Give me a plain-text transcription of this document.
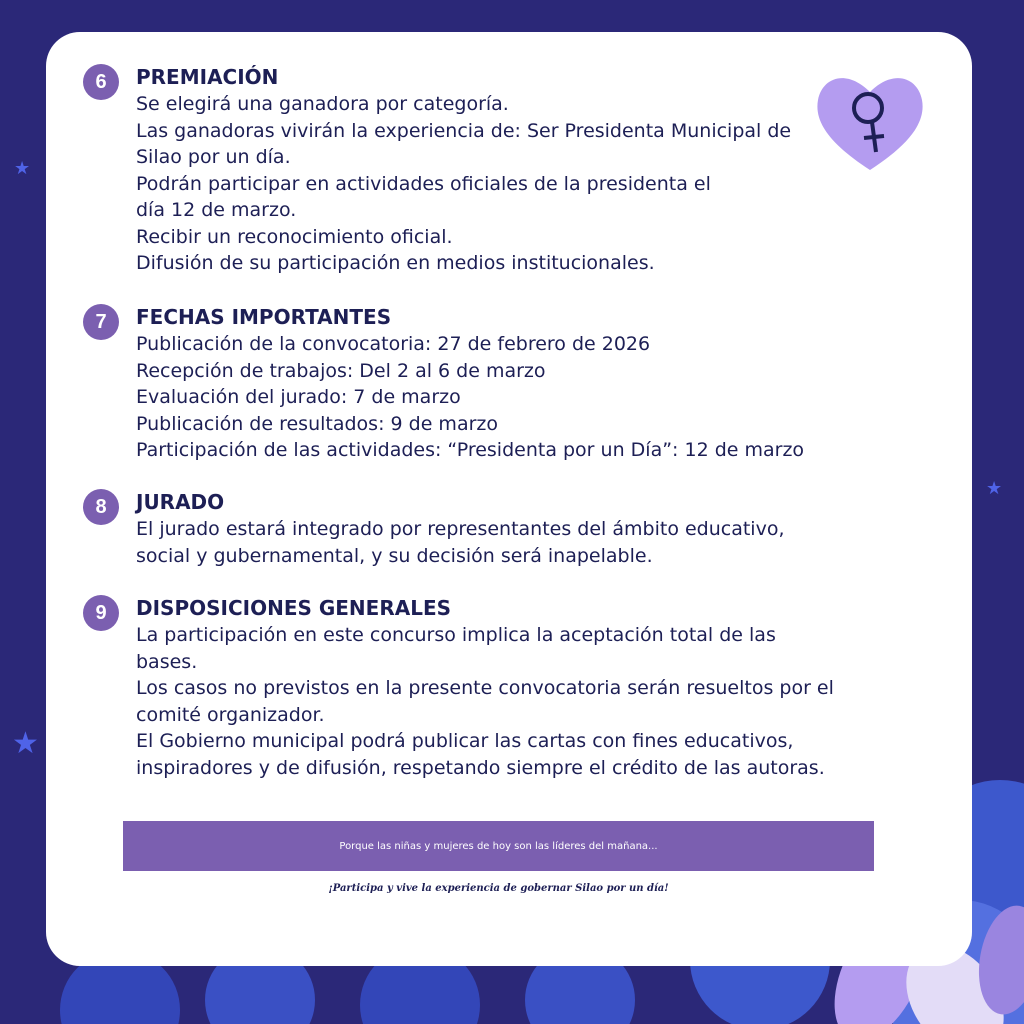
★
★
★
6	PREMIACIÓN
Se elegirá una ganadora por categoría.
Las ganadoras vivirán la experiencia de: Ser Presidenta Municipal de
Silao por un día.
Podrán participar en actividades oficiales de la presidenta el
día 12 de marzo.
Recibir un reconocimiento oficial.
Difusión de su participación en medios institucionales.
7	FECHAS IMPORTANTES
Publicación de la convocatoria: 27 de febrero de 2026
Recepción de trabajos: Del 2 al 6 de marzo
Evaluación del jurado: 7 de marzo
Publicación de resultados: 9 de marzo
Participación de las actividades: “Presidenta por un Día”: 12 de marzo
8	JURADO
El jurado estará integrado por representantes del ámbito educativo,
social y gubernamental, y su decisión será inapelable.
9	DISPOSICIONES GENERALES
La participación en este concurso implica la aceptación total de las
bases.
Los casos no previstos en la presente convocatoria serán resueltos por el
comité organizador.
El Gobierno municipal podrá publicar las cartas con fines educativos,
inspiradores y de difusión, respetando siempre el crédito de las autoras.
Porque las niñas y mujeres de hoy son las líderes del mañana...
¡Participa y vive la experiencia de gobernar Silao por un día!
